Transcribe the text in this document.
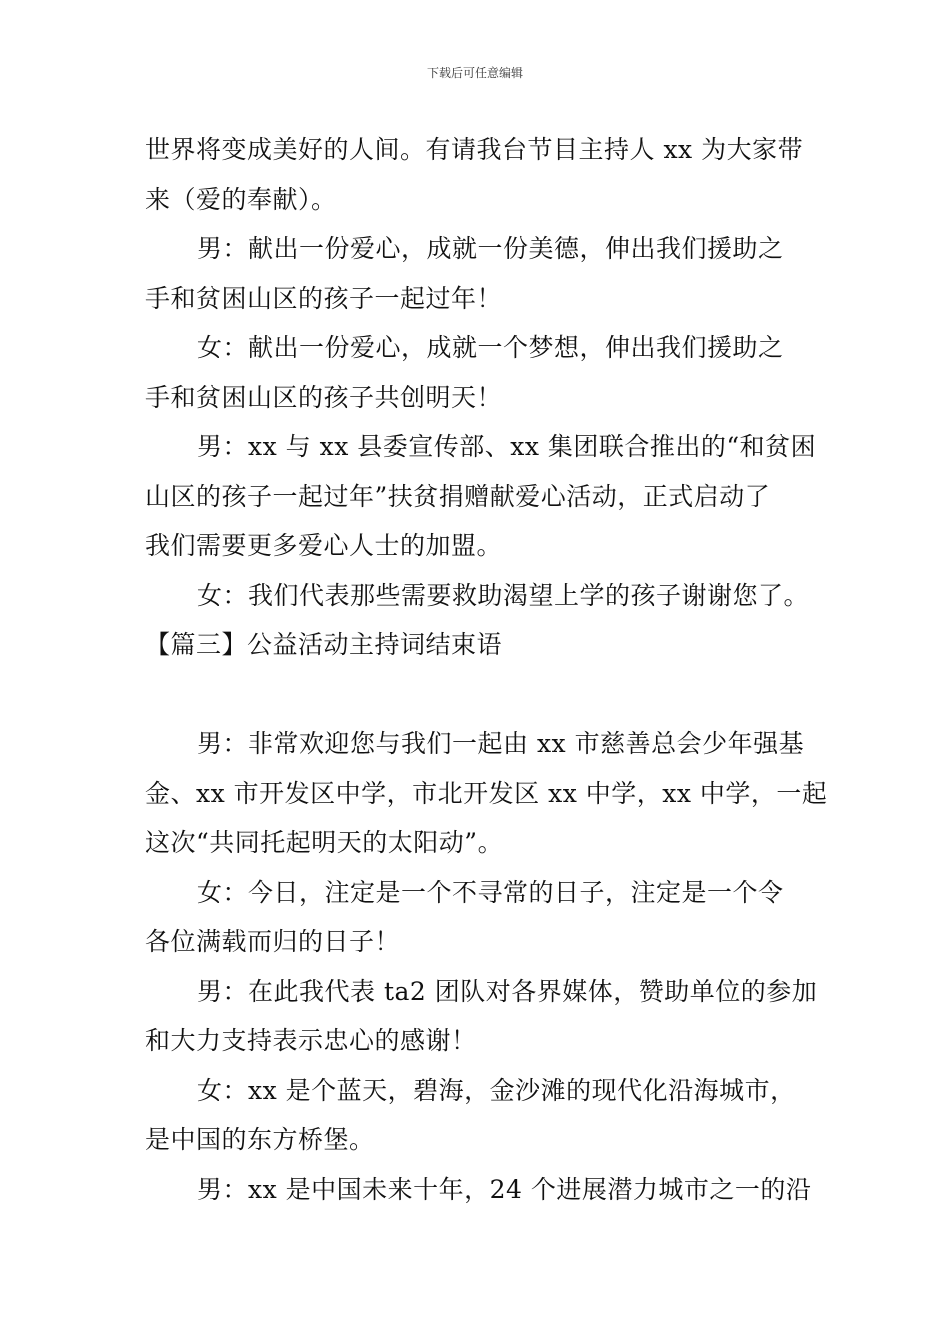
下载后可任意编辑
世界将变成美好的人间。有请我台节目主持人 xx 为大家带
来（爱的奉献）。
男：献出一份爱心，成就一份美德，伸出我们援助之
手和贫困山区的孩子一起过年！
女：献出一份爱心，成就一个梦想，伸出我们援助之
手和贫困山区的孩子共创明天！
男：xx 与 xx 县委宣传部、xx 集团联合推出的“和贫困
山区的孩子一起过年”扶贫捐赠献爱心活动，正式启动了
我们需要更多爱心人士的加盟。
女：我们代表那些需要救助渴望上学的孩子谢谢您了。
【篇三】公益活动主持词结束语
男：非常欢迎您与我们一起由 xx 市慈善总会少年强基
金、xx 市开发区中学，市北开发区 xx 中学，xx 中学，一起
这次“共同托起明天的太阳动”。
女：今日，注定是一个不寻常的日子，注定是一个令
各位满载而归的日子！
男：在此我代表 ta2 团队对各界媒体，赞助单位的参加
和大力支持表示忠心的感谢！
女：xx 是个蓝天，碧海，金沙滩的现代化沿海城市，
是中国的东方桥堡。
男：xx 是中国未来十年，24 个进展潜力城市之一的沿
